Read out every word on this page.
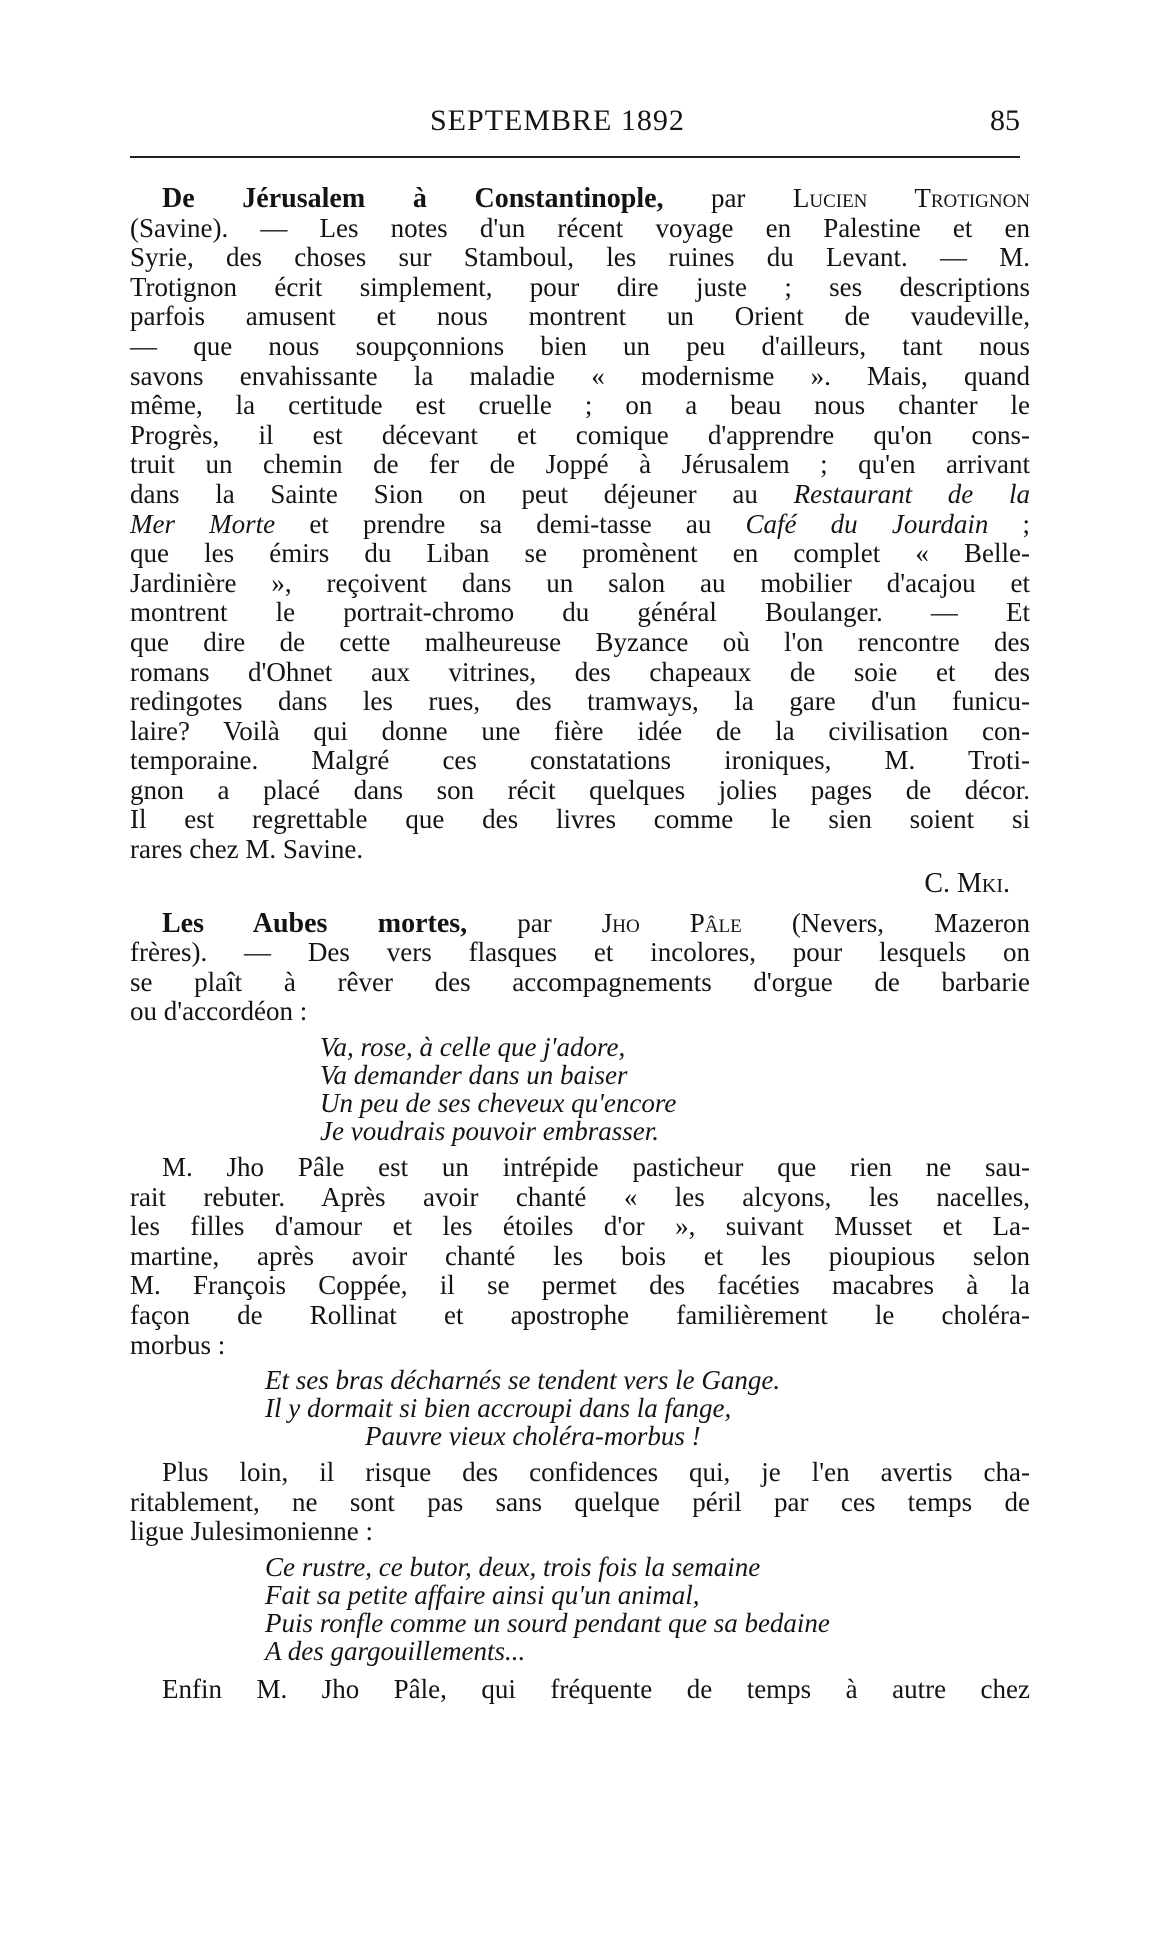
SEPTEMBRE 1892	85

De Jérusalem à Constantinople, par Lucien Trotignon

(Savine). — Les notes d'un récent voyage en Palestine et en

Syrie, des choses sur Stamboul, les ruines du Levant. — M.

Trotignon écrit simplement, pour dire juste ; ses descriptions

parfois amusent et nous montrent un Orient de vaudeville,

— que nous soupçonnions bien un peu d'ailleurs, tant nous

savons envahissante la maladie « modernisme ». Mais, quand

même, la certitude est cruelle ; on a beau nous chanter le

Progrès, il est décevant et comique d'apprendre qu'on cons-

truit un chemin de fer de Joppé à Jérusalem ; qu'en arrivant

dans la Sainte Sion on peut déjeuner au Restaurant de la

Mer Morte et prendre sa demi-tasse au Café du Jourdain ;

que les émirs du Liban se promènent en complet « Belle-

Jardinière », reçoivent dans un salon au mobilier d'acajou et

montrent le portrait-chromo du général Boulanger. — Et

que dire de cette malheureuse Byzance où l'on rencontre des

romans d'Ohnet aux vitrines, des chapeaux de soie et des

redingotes dans les rues, des tramways, la gare d'un funicu-

laire? Voilà qui donne une fière idée de la civilisation con-

temporaine. Malgré ces constatations ironiques, M. Troti-

gnon a placé dans son récit quelques jolies pages de décor.

Il est regrettable que des livres comme le sien soient si

rares chez M. Savine.

C. Mki.

Les Aubes mortes, par Jho Pâle (Nevers, Mazeron

frères). — Des vers flasques et incolores, pour lesquels on

se plaît à rêver des accompagnements d'orgue de barbarie

ou d'accordéon :

Va, rose, à celle que j'adore,
Va demander dans un baiser
Un peu de ses cheveux qu'encore
Je voudrais pouvoir embrasser.

M. Jho Pâle est un intrépide pasticheur que rien ne sau-

rait rebuter. Après avoir chanté « les alcyons, les nacelles,

les filles d'amour et les étoiles d'or », suivant Musset et La-

martine, après avoir chanté les bois et les pioupious selon

M. François Coppée, il se permet des facéties macabres à la

façon de Rollinat et apostrophe familièrement le choléra-

morbus :

Et ses bras décharnés se tendent vers le Gange.
Il y dormait si bien accroupi dans la fange,
Pauvre vieux choléra-morbus !

Plus loin, il risque des confidences qui, je l'en avertis cha-

ritablement, ne sont pas sans quelque péril par ces temps de

ligue Julesimonienne :

Ce rustre, ce butor, deux, trois fois la semaine
Fait sa petite affaire ainsi qu'un animal,
Puis ronfle comme un sourd pendant que sa bedaine
A des gargouillements...

Enfin M. Jho Pâle, qui fréquente de temps à autre chez
